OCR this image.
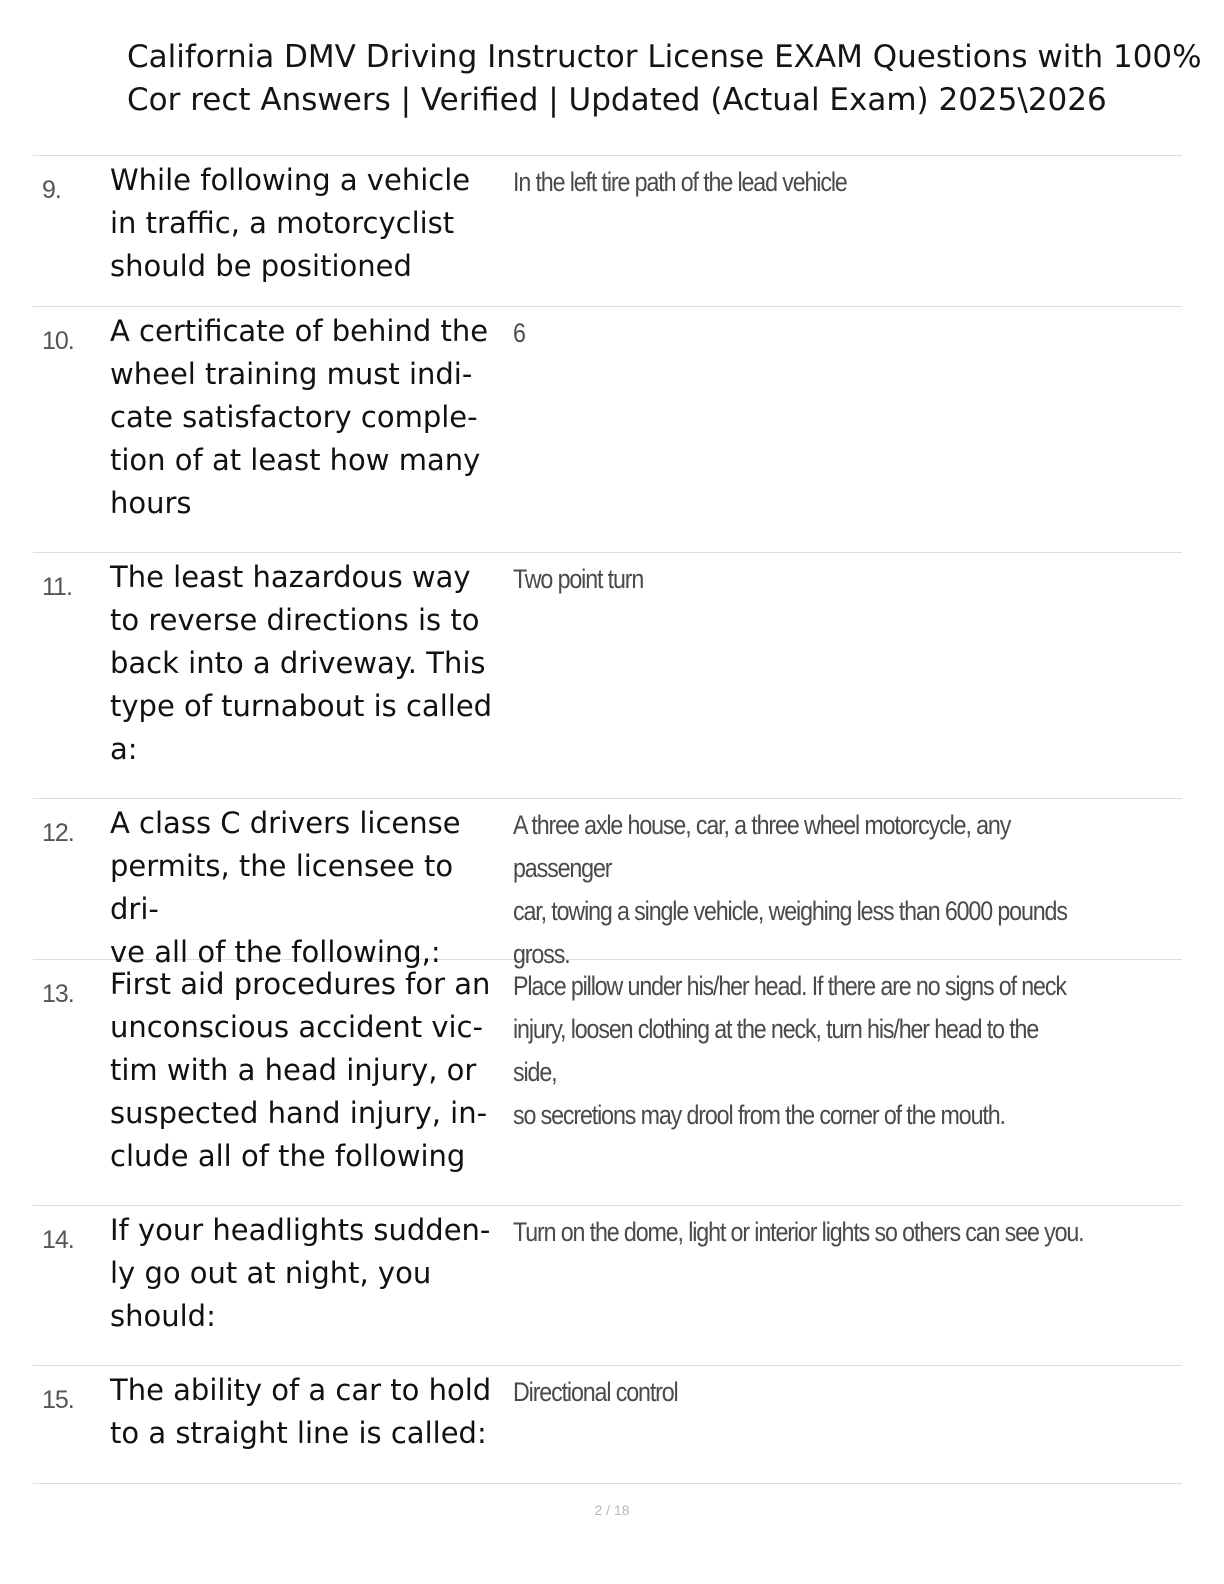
California DMV Driving Instructor License EXAM Questions with 100% Cor rect Answers | Verified | Updated (Actual Exam) 2025\2026
9. While following a vehicle
in traffic, a motorcyclist
should be positioned
In the left tire path of the lead vehicle
10. A certificate of behind the
wheel training must indi-
cate satisfactory comple-
tion of at least how many
hours
6
11. The least hazardous way
to reverse directions is to
back into a driveway. This
type of turnabout is called
a:
Two point turn
12. A class C drivers license
permits, the licensee to dri-
ve all of the following,:
A three axle house, car, a three wheel motorcycle, any passenger
car, towing a single vehicle, weighing less than 6000 pounds gross.
13. First aid procedures for an
unconscious accident vic-
tim with a head injury, or
suspected hand injury, in-
clude all of the following
Place pillow under his/her head. If there are no signs of neck
injury, loosen clothing at the neck, turn his/her head to the side,
so secretions may drool from the corner of the mouth.
14. If your headlights sudden-
ly go out at night, you
should:
Turn on the dome, light or interior lights so others can see you.
15. The ability of a car to hold
to a straight line is called:
Directional control
2 / 18
